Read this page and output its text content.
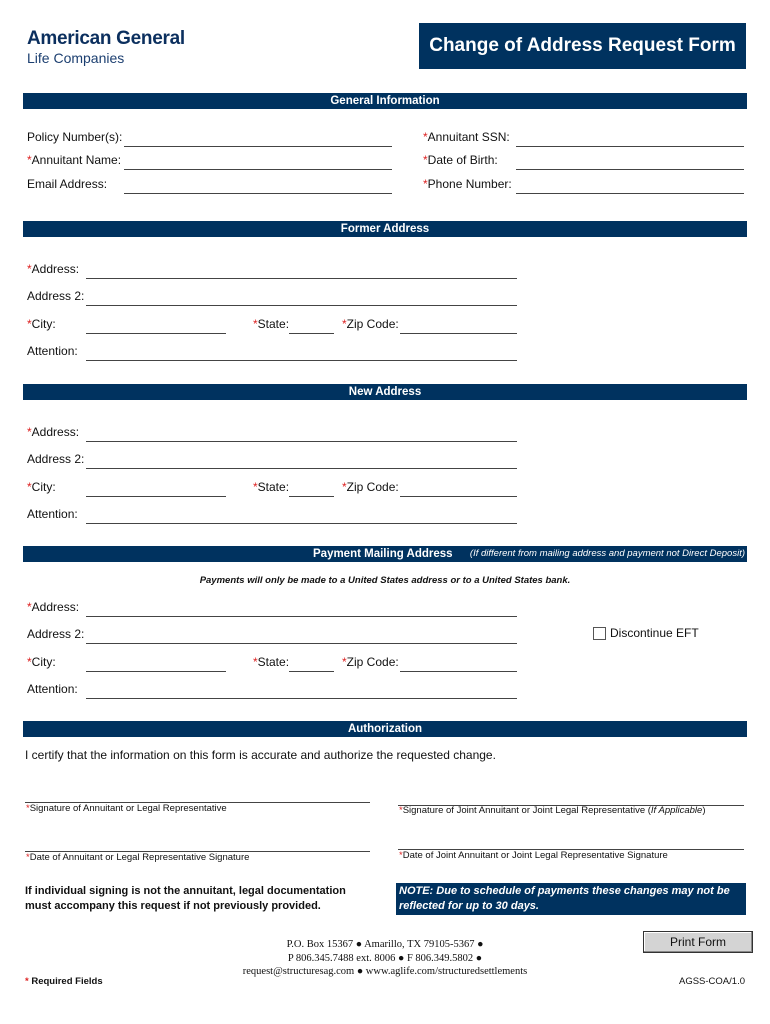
American General
Life Companies
Change of Address Request Form
General Information
Former Address
New Address
Payment Mailing Address (If different from mailing address and payment not Direct Deposit)
Authorization
Policy Number(s):
*Annuitant Name:
Email Address:
*Annuitant SSN:
*Date of Birth:
*Phone Number:
*Address:
Address 2:
*City:	*State:	*Zip Code:
Attention:
*Address:
Address 2:
*City:	*State:	*Zip Code:
Attention:
*Address:
Address 2:
*City:	*State:	*Zip Code:
Attention:
Payments will only be made to a United States address or to a United States bank.
Discontinue EFT
I certify that the information on this form is accurate and authorize the requested change.
*Signature of Annuitant or Legal Representative	*Signature of Joint Annuitant or Joint Legal Representative (If Applicable)
*Date of Annuitant or Legal Representative Signature	*Date of Joint Annuitant or Joint Legal Representative Signature
If individual signing is not the annuitant, legal documentation must accompany this request if not previously provided.
NOTE: Due to schedule of payments these changes may not be reflected for up to 30 days.
Print Form
P.O. Box 15367 ● Amarillo, TX 79105-5367 ●
P 806.345.7488 ext. 8006 ● F 806.349.5802 ●
request@structuresag.com ● www.aglife.com/structuredsettlements
* Required Fields	AGSS-COA/1.0
